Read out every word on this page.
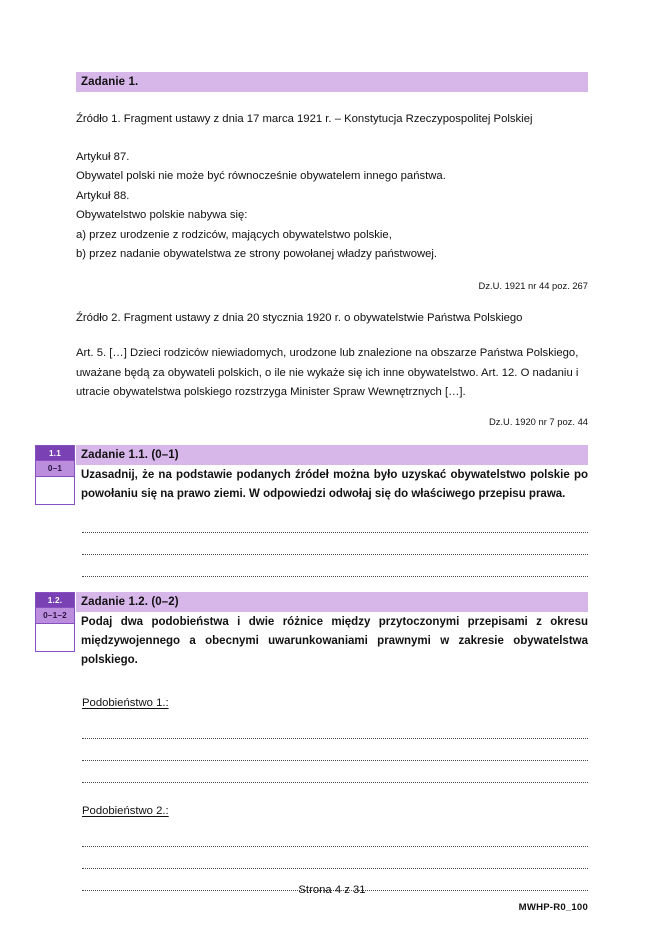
Zadanie 1.

Źródło 1. Fragment ustawy z dnia 17 marca 1921 r. – Konstytucja Rzeczypospolitej Polskiej

Artykuł 87.
Obywatel polski nie może być równocześnie obywatelem innego państwa.
Artykuł 88.
Obywatelstwo polskie nabywa się:
a) przez urodzenie z rodziców, mających obywatelstwo polskie,
b) przez nadanie obywatelstwa ze strony powołanej władzy państwowej.

Dz.U. 1921 nr 44 poz. 267

Źródło 2. Fragment ustawy z dnia 20 stycznia 1920 r. o obywatelstwie Państwa Polskiego

Art. 5. […] Dzieci rodziców niewiadomych, urodzone lub znalezione na obszarze Państwa Polskiego, uważane będą za obywateli polskich, o ile nie wykaże się ich inne obywatelstwo. Art. 12. O nadaniu i utracie obywatelstwa polskiego rozstrzyga Minister Spraw Wewnętrznych […].

Dz.U. 1920 nr 7 poz. 44

1.1
0–1
Zadanie 1.1. (0–1)
Uzasadnij, że na podstawie podanych źródeł można było uzyskać obywatelstwo polskie po powołaniu się na prawo ziemi. W odpowiedzi odwołaj się do właściwego przepisu prawa.
1.2.
0–1–2
Zadanie 1.2. (0–2)
Podaj dwa podobieństwa i dwie różnice między przytoczonymi przepisami z okresu międzywojennego a obecnymi uwarunkowaniami prawnymi w zakresie obywatelstwa polskiego.

Podobieństwo 1.:

Podobieństwo 2.:

Strona 4 z 31
MWHP-R0_100
